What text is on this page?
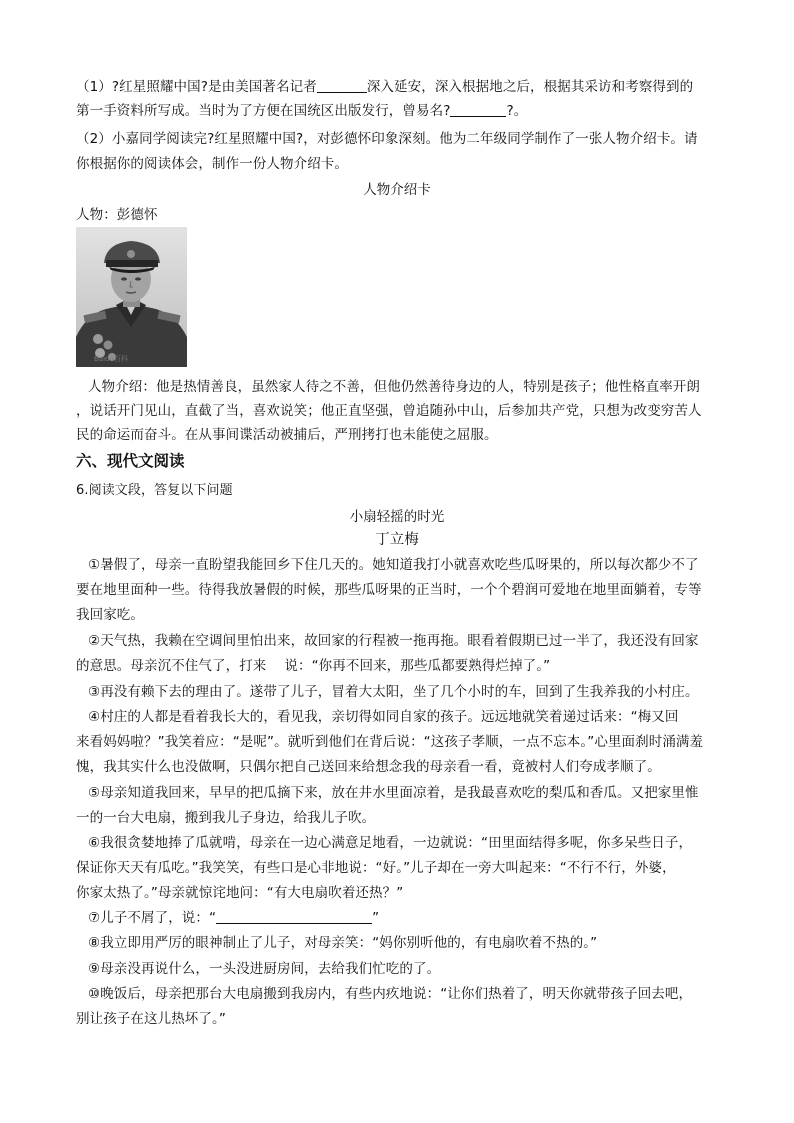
（1）?红星照耀中国?是由美国著名记者	深入延安，深入根据地之后，根据其采访和考察得到的
第一手资料所写成。当时为了方便在国统区出版发行，曾易名?	?。
（2）小嘉同学阅读完?红星照耀中国?，对彭德怀印象深刻。他为二年级同学制作了一张人物介绍卡。请
你根据你的阅读体会，制作一份人物介绍卡。
人物介绍卡
人物：彭德怀
Baidu百科
人物介绍：他是热情善良，虽然家人待之不善，但他仍然善待身边的人，特别是孩子；他性格直率开朗
，说话开门见山，直截了当，喜欢说笑；他正直坚强，曾追随孙中山，后参加共产党，只想为改变穷苦人
民的命运而奋斗。在从事间谍活动被捕后，严刑拷打也未能使之屈服。
六、现代文阅读
6.阅读文段，答复以下问题
小扇轻摇的时光
丁立梅
①暑假了，母亲一直盼望我能回乡下住几天的。她知道我打小就喜欢吃些瓜呀果的，所以每次都少不了
要在地里面种一些。待得我放暑假的时候，那些瓜呀果的正当时，一个个碧润可爱地在地里面躺着，专等
我回家吃。
②天气热，我赖在空调间里怕出来，故回家的行程被一拖再拖。眼看着假期已过一半了，我还没有回家
的意思。母亲沉不住气了，打来　 说：“你再不回来，那些瓜都要熟得烂掉了。”
③再没有赖下去的理由了。遂带了儿子，冒着大太阳，坐了几个小时的车，回到了生我养我的小村庄。
④村庄的人都是看着我长大的，看见我，亲切得如同自家的孩子。远远地就笑着递过话来：“梅又回
来看妈妈啦？”我笑着应：“是呢”。就听到他们在背后说：“这孩子孝顺，一点不忘本。”心里面刹时涌满羞
愧，我其实什么也没做啊，只偶尔把自己送回来给想念我的母亲看一看，竟被村人们夸成孝顺了。
⑤母亲知道我回来，早早的把瓜摘下来，放在井水里面凉着，是我最喜欢吃的梨瓜和香瓜。又把家里惟
一的一台大电扇，搬到我儿子身边，给我儿子吹。
⑥我很贪婪地捧了瓜就啃，母亲在一边心满意足地看，一边就说：“田里面结得多呢，你多呆些日子，
保证你天天有瓜吃。”我笑笑，有些口是心非地说：“好。”儿子却在一旁大叫起来：“不行不行，外婆，
你家太热了。”母亲就惊诧地问：“有大电扇吹着还热？”
⑦儿子不屑了，说：“	”
⑧我立即用严厉的眼神制止了儿子，对母亲笑：“妈你别听他的，有电扇吹着不热的。”
⑨母亲没再说什么，一头没进厨房间，去给我们忙吃的了。
⑩晚饭后，母亲把那台大电扇搬到我房内，有些内疚地说：“让你们热着了，明天你就带孩子回去吧，
别让孩子在这儿热坏了。”
